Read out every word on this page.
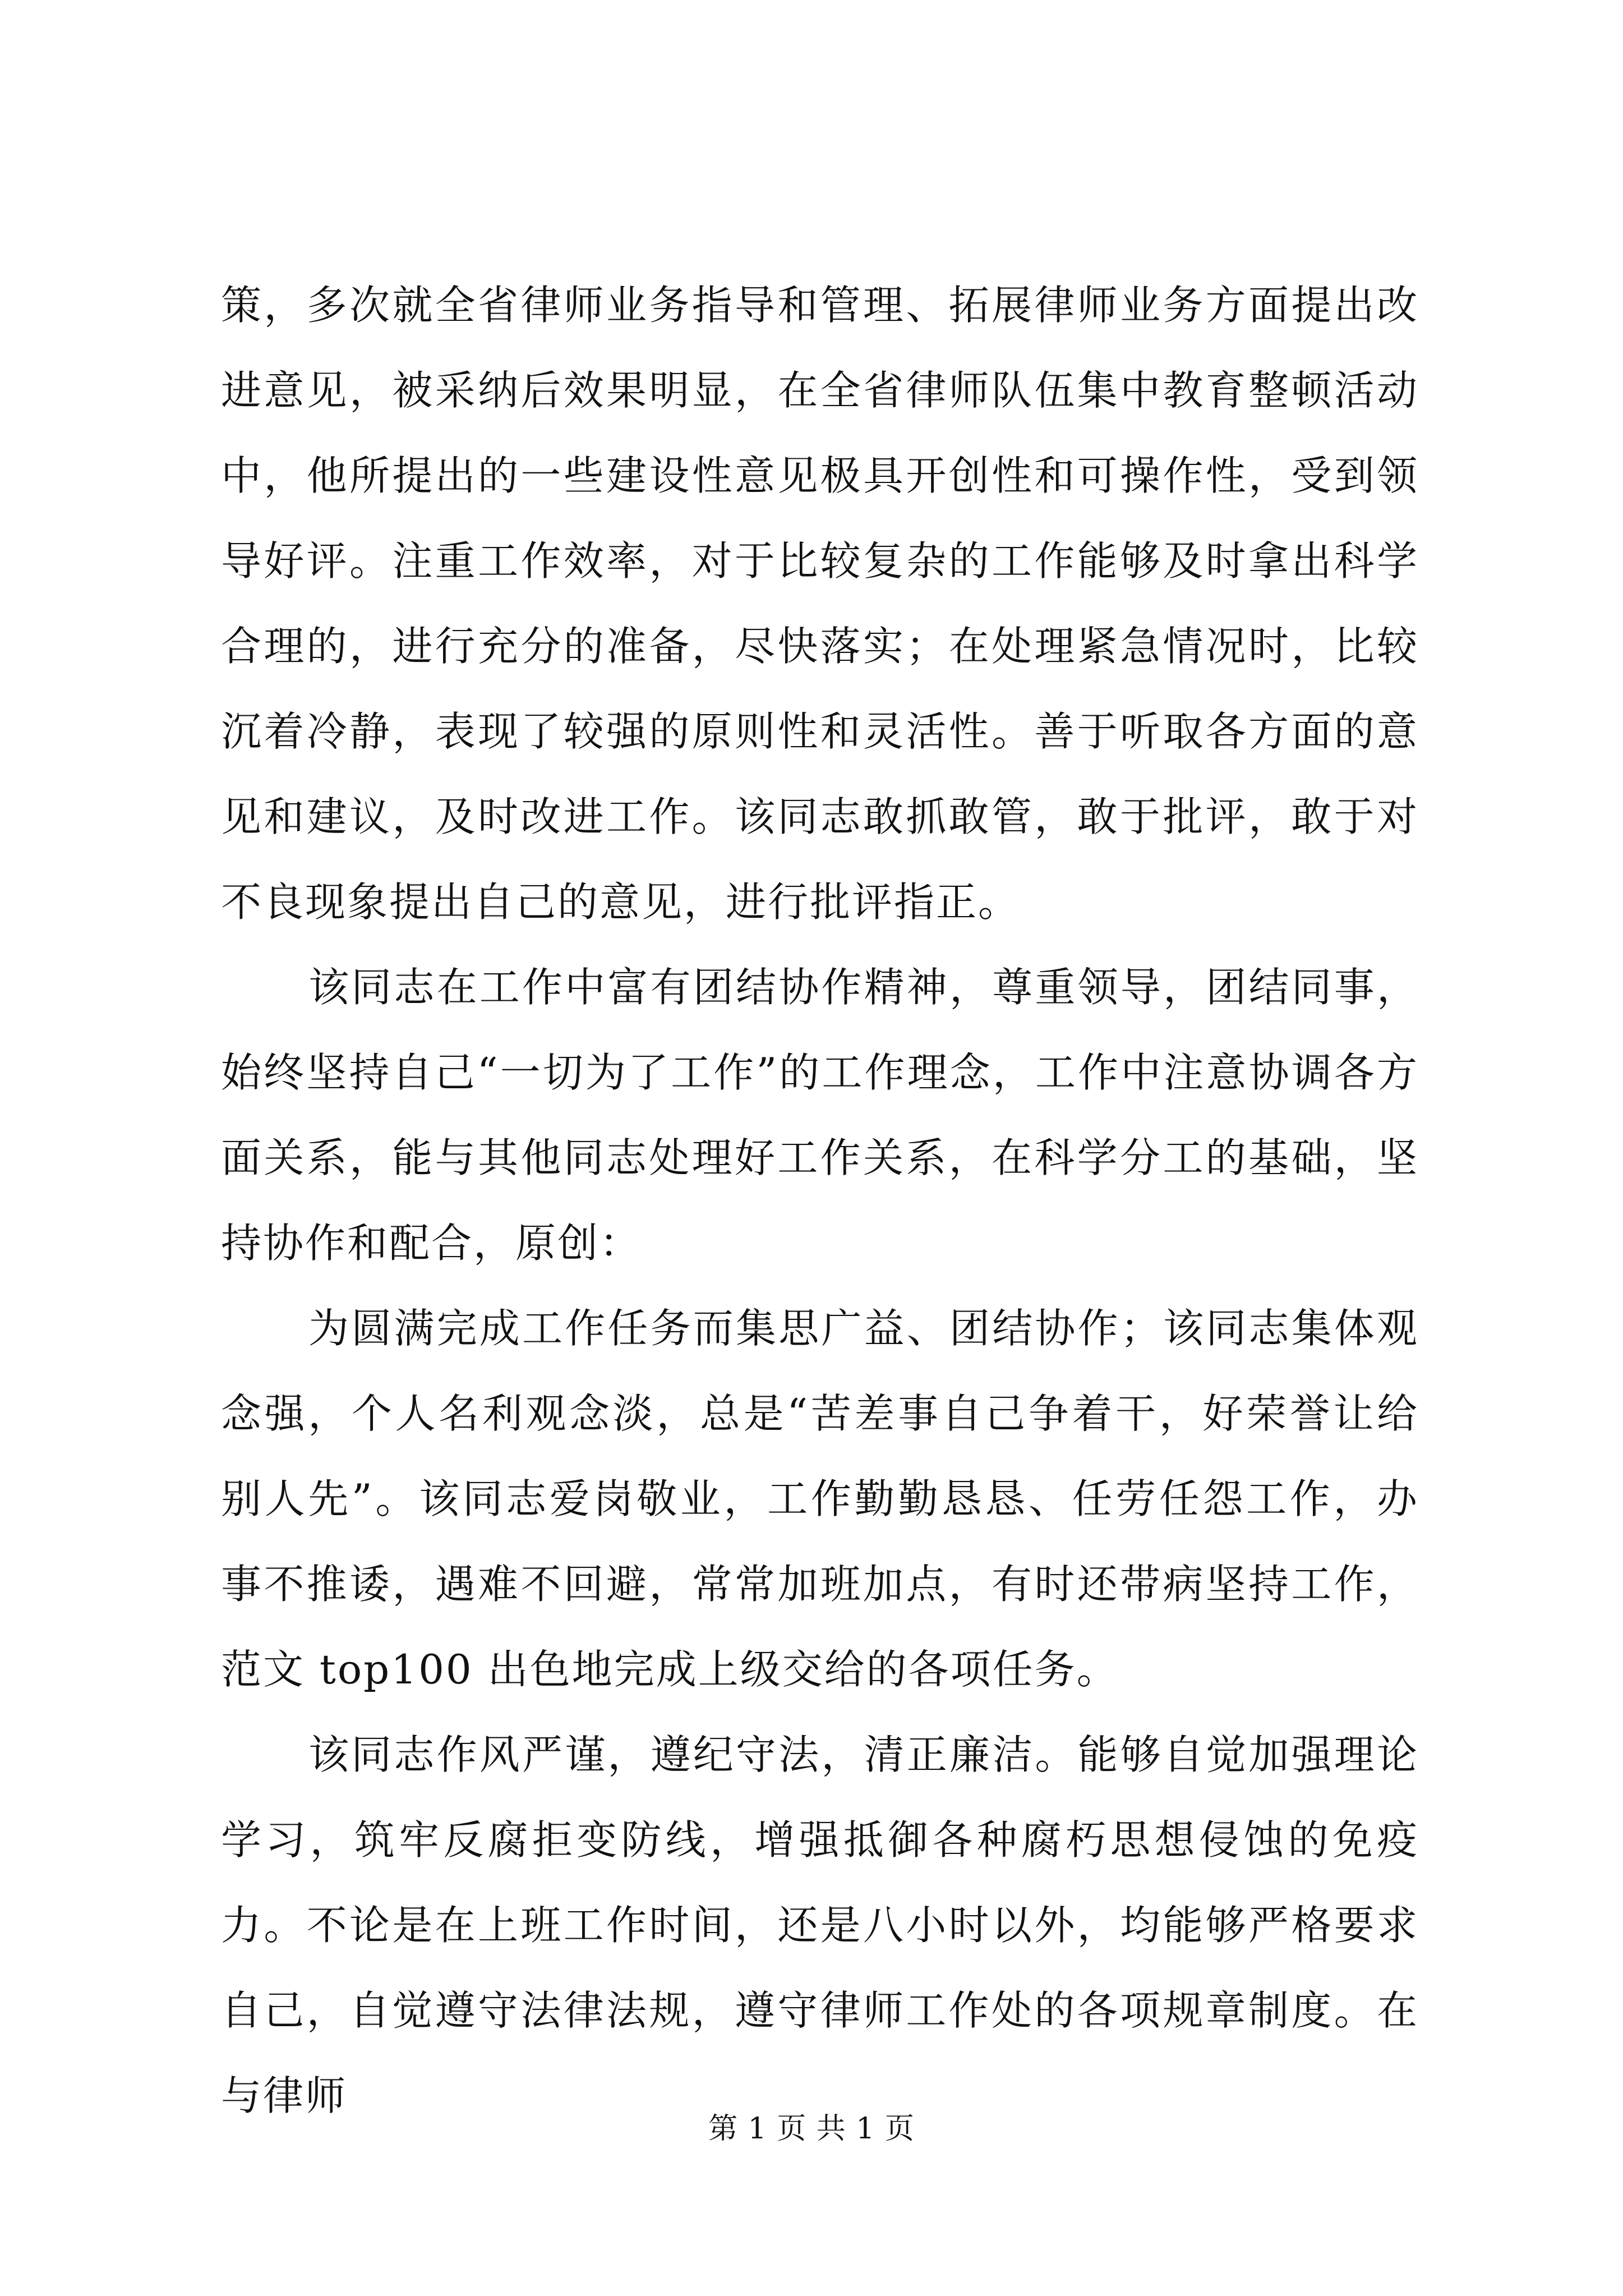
策，多次就全省律师业务指导和管理、拓展律师业务方面提出改进意见，被采纳后效果明显，在全省律师队伍集中教育整顿活动中，他所提出的一些建设性意见极具开创性和可操作性，受到领导好评。注重工作效率，对于比较复杂的工作能够及时拿出科学合理的，进行充分的准备，尽快落实；在处理紧急情况时，比较沉着冷静，表现了较强的原则性和灵活性。善于听取各方面的意见和建议，及时改进工作。该同志敢抓敢管，敢于批评，敢于对不良现象提出自己的意见，进行批评指正。

该同志在工作中富有团结协作精神，尊重领导，团结同事，始终坚持自己“一切为了工作”的工作理念，工作中注意协调各方面关系，能与其他同志处理好工作关系，在科学分工的基础，坚持协作和配合，原创：

为圆满完成工作任务而集思广益、团结协作；该同志集体观念强，个人名利观念淡，总是“苦差事自己争着干，好荣誉让给别人先”。该同志爱岗敬业，工作勤勤恳恳、任劳任怨工作，办事不推诿，遇难不回避，常常加班加点，有时还带病坚持工作，范文 top100 出色地完成上级交给的各项任务。

该同志作风严谨，遵纪守法，清正廉洁。能够自觉加强理论学习，筑牢反腐拒变防线，增强抵御各种腐朽思想侵蚀的免疫力。不论是在上班工作时间，还是八小时以外，均能够严格要求自己，自觉遵守法律法规，遵守律师工作处的各项规章制度。在与律师

第 1 页 共 1 页
